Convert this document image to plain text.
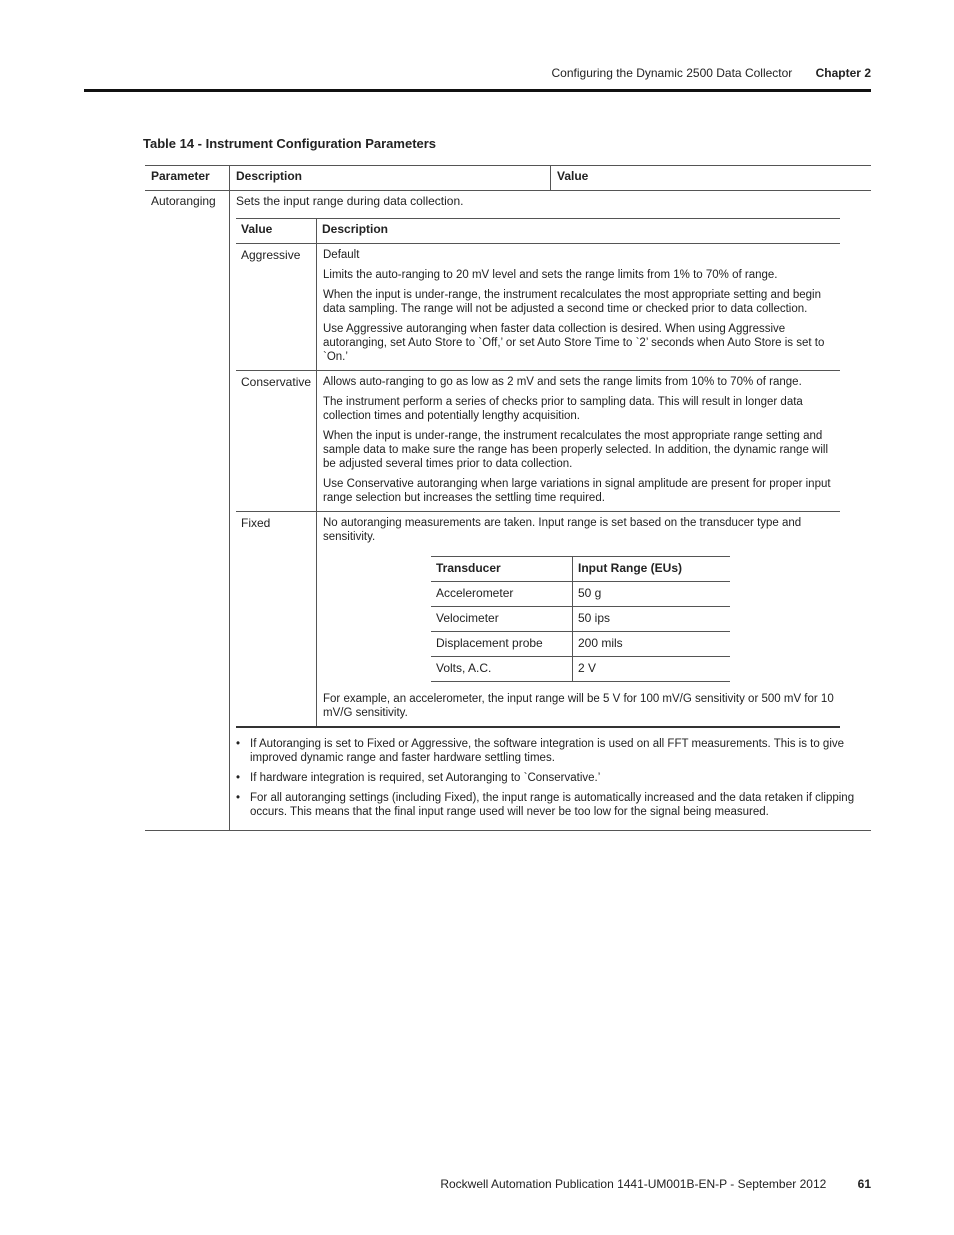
Configuring the Dynamic 2500 Data Collector Chapter 2
Table 14 - Instrument Configuration Parameters
Parameter	Description	Value
Autoranging	Sets the input range during data collection.
Value	Description
Aggressive	Default

Limits the auto-ranging to 20 mV level and sets the range limits from 1% to 70% of range.

When the input is under-range, the instrument recalculates the most appropriate setting and begin data sampling. The range will not be adjusted a second time or checked prior to data collection.

Use Aggressive autoranging when faster data collection is desired. When using Aggressive autoranging, set Auto Store to `Off,’ or set Auto Store Time to `2’ seconds when Auto Store is set to `On.’

Conservative	Allows auto-ranging to go as low as 2 mV and sets the range limits from 10% to 70% of range.

The instrument perform a series of checks prior to sampling data. This will result in longer data collection times and potentially lengthy acquisition.

When the input is under-range, the instrument recalculates the most appropriate range setting and sample data to make sure the range has been properly selected. In addition, the dynamic range will be adjusted several times prior to data collection.

Use Conservative autoranging when large variations in signal amplitude are present for proper input range selection but increases the settling time required.

Fixed	No autoranging measurements are taken. Input range is set based on the transducer type and sensitivity.

Transducer	Input Range (EUs)
Accelerometer	50 g
Velocimeter	50 ips
Displacement probe	200 mils
Volts, A.C.	2 V

For example, an accelerometer, the input range will be 5 V for 100 mV/G sensitivity or 500 mV for 10 mV/G sensitivity.

• If Autoranging is set to Fixed or Aggressive, the software integration is used on all FFT measurements. This is to give improved dynamic range and faster hardware settling times.
• If hardware integration is required, set Autoranging to `Conservative.’
• For all autoranging settings (including Fixed), the input range is automatically increased and the data retaken if clipping occurs. This means that the final input range used will never be too low for the signal being measured.
Rockwell Automation Publication 1441-UM001B-EN-P - September 2012	61
